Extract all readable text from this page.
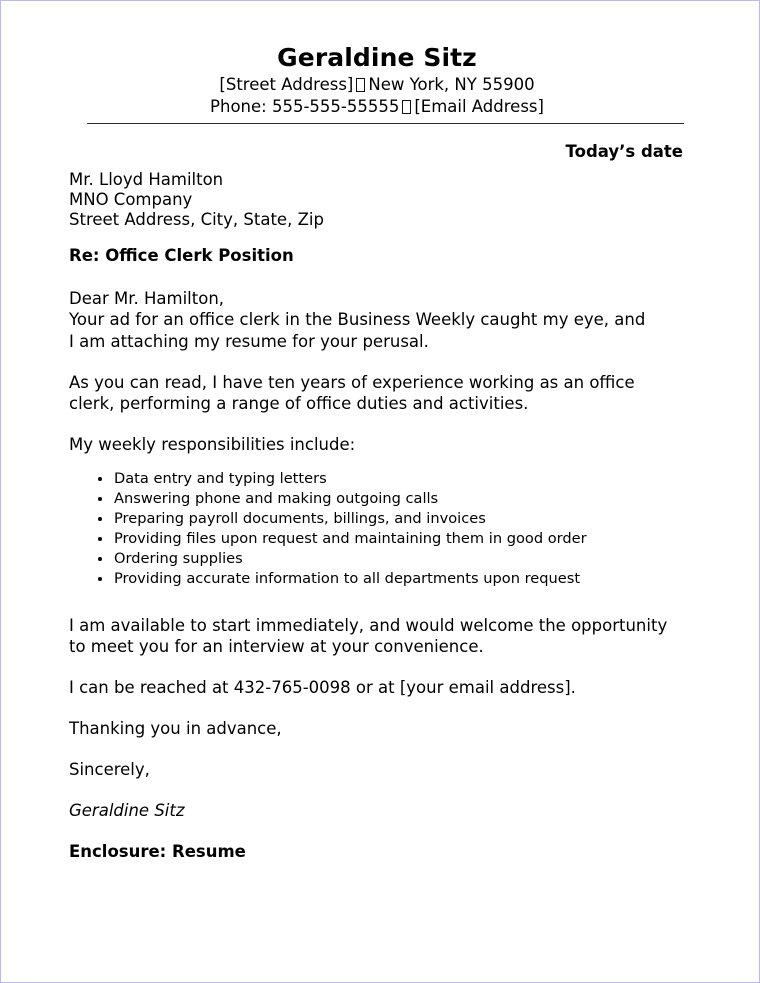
Geraldine Sitz
[Street Address] New York, NY 55900
Phone: 555-555-55555 [Email Address]
Today’s date
Mr. Lloyd Hamilton
MNO Company
Street Address, City, State, Zip
Re: Office Clerk Position
Dear Mr. Hamilton,
Your ad for an office clerk in the Business Weekly caught my eye, and
I am attaching my resume for your perusal.
As you can read, I have ten years of experience working as an office clerk, performing a range of office duties and activities.
My weekly responsibilities include:
Data entry and typing letters
Answering phone and making outgoing calls
Preparing payroll documents, billings, and invoices
Providing files upon request and maintaining them in good order
Ordering supplies
Providing accurate information to all departments upon request
I am available to start immediately, and would welcome the opportunity to meet you for an interview at your convenience.
I can be reached at 432-765-0098 or at [your email address].
Thanking you in advance,
Sincerely,
Geraldine Sitz
Enclosure: Resume
